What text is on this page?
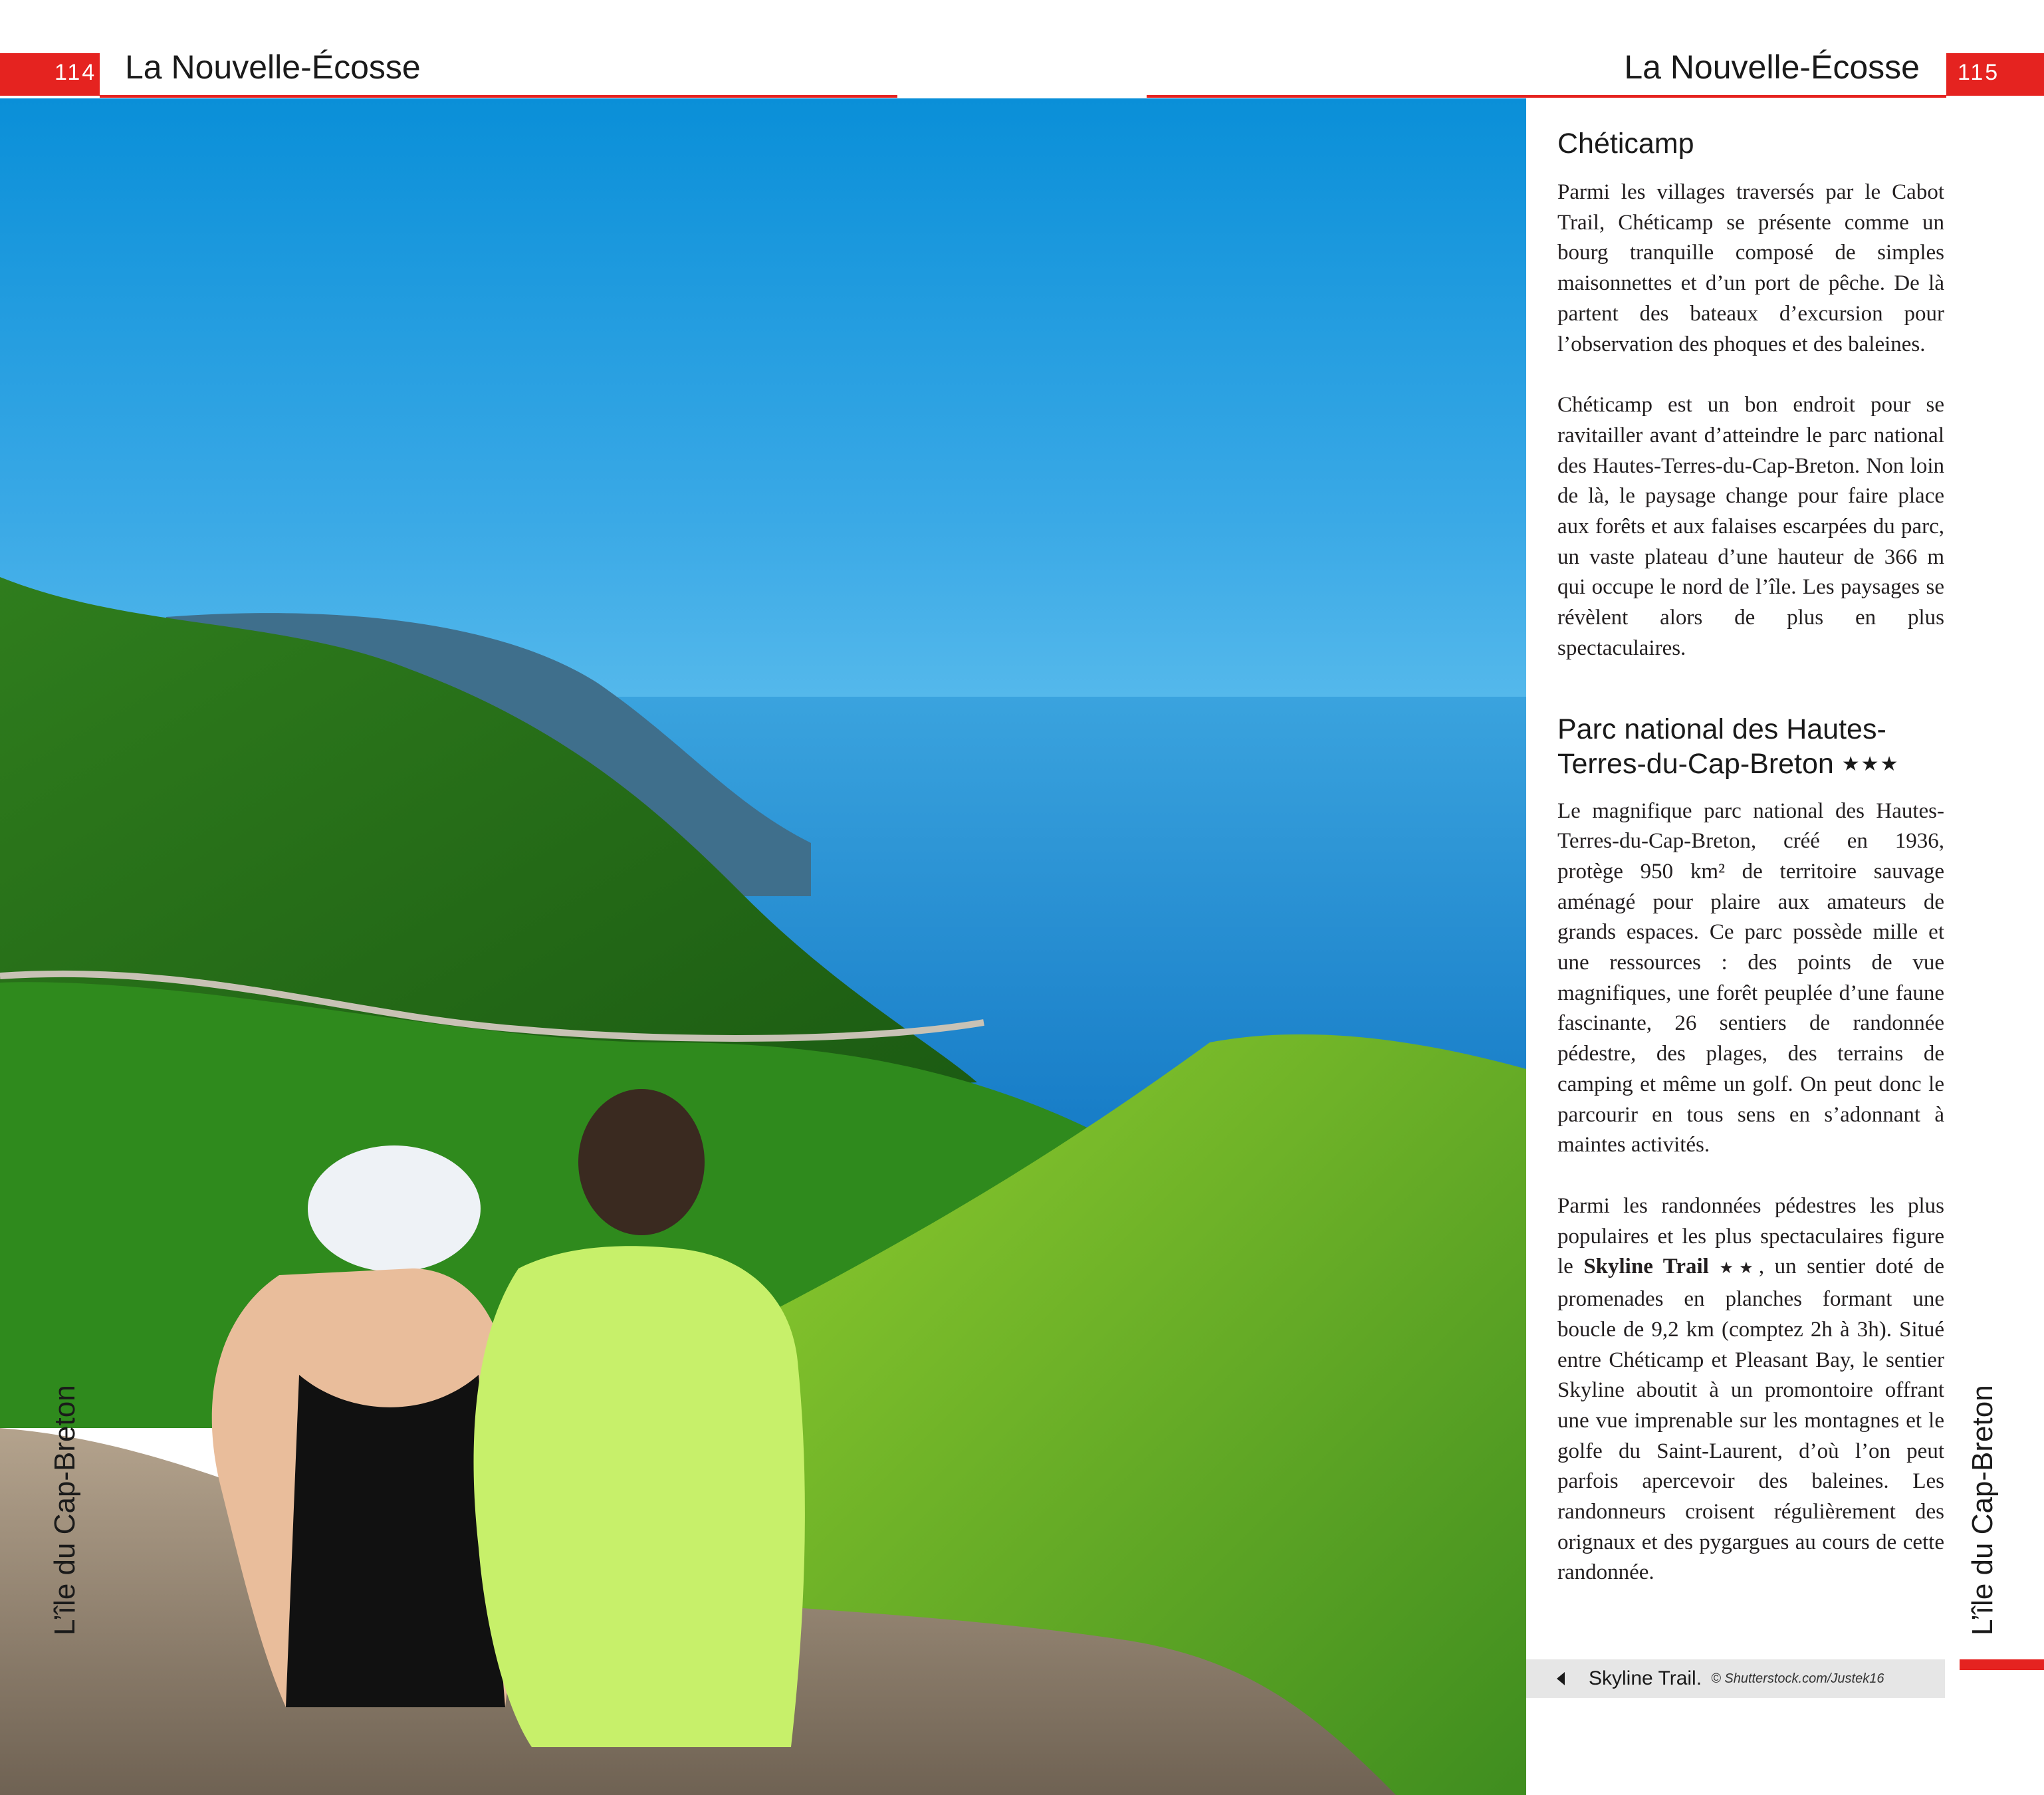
114 La Nouvelle-Écosse	La Nouvelle-Écosse 115
L’île du Cap-Breton	L’île du Cap-Breton
Chéticamp

Parmi les villages traversés par le Cabot Trail, Chéticamp se présente comme un bourg tranquille composé de simples maisonnettes et d’un port de pêche. De là partent des bateaux d’excursion pour l’observation des phoques et des baleines.

Chéticamp est un bon endroit pour se ravitailler avant d’atteindre le parc national des Hautes-Terres-du-Cap-Breton. Non loin de là, le paysage change pour faire place aux forêts et aux falaises escarpées du parc, un vaste plateau d’une hauteur de 366 m qui occupe le nord de l’île. Les paysages se révèlent alors de plus en plus spectaculaires.

Parc national des Hautes-Terres-du-Cap-Breton ★★★

Le magnifique parc national des Hautes-Terres-du-Cap-Breton, créé en 1936, protège 950 km² de territoire sauvage aménagé pour plaire aux amateurs de grands espaces. Ce parc possède mille et une ressources : des points de vue magnifiques, une forêt peuplée d’une faune fascinante, 26 sentiers de randonnée pédestre, des plages, des terrains de camping et même un golf. On peut donc le parcourir en tous sens en s’adonnant à maintes activités.

Parmi les randonnées pédestres les plus populaires et les plus spectaculaires figure le Skyline Trail ★★, un sentier doté de promenades en planches formant une boucle de 9,2 km (comptez 2h à 3h). Situé entre Chéticamp et Pleasant Bay, le sentier Skyline aboutit à un promontoire offrant une vue imprenable sur les montagnes et le golfe du Saint-Laurent, d’où l’on peut parfois apercevoir des baleines. Les randonneurs croisent régulièrement des orignaux et des pygargues au cours de cette randonnée.

Skyline Trail. © Shutterstock.com/Justek16
